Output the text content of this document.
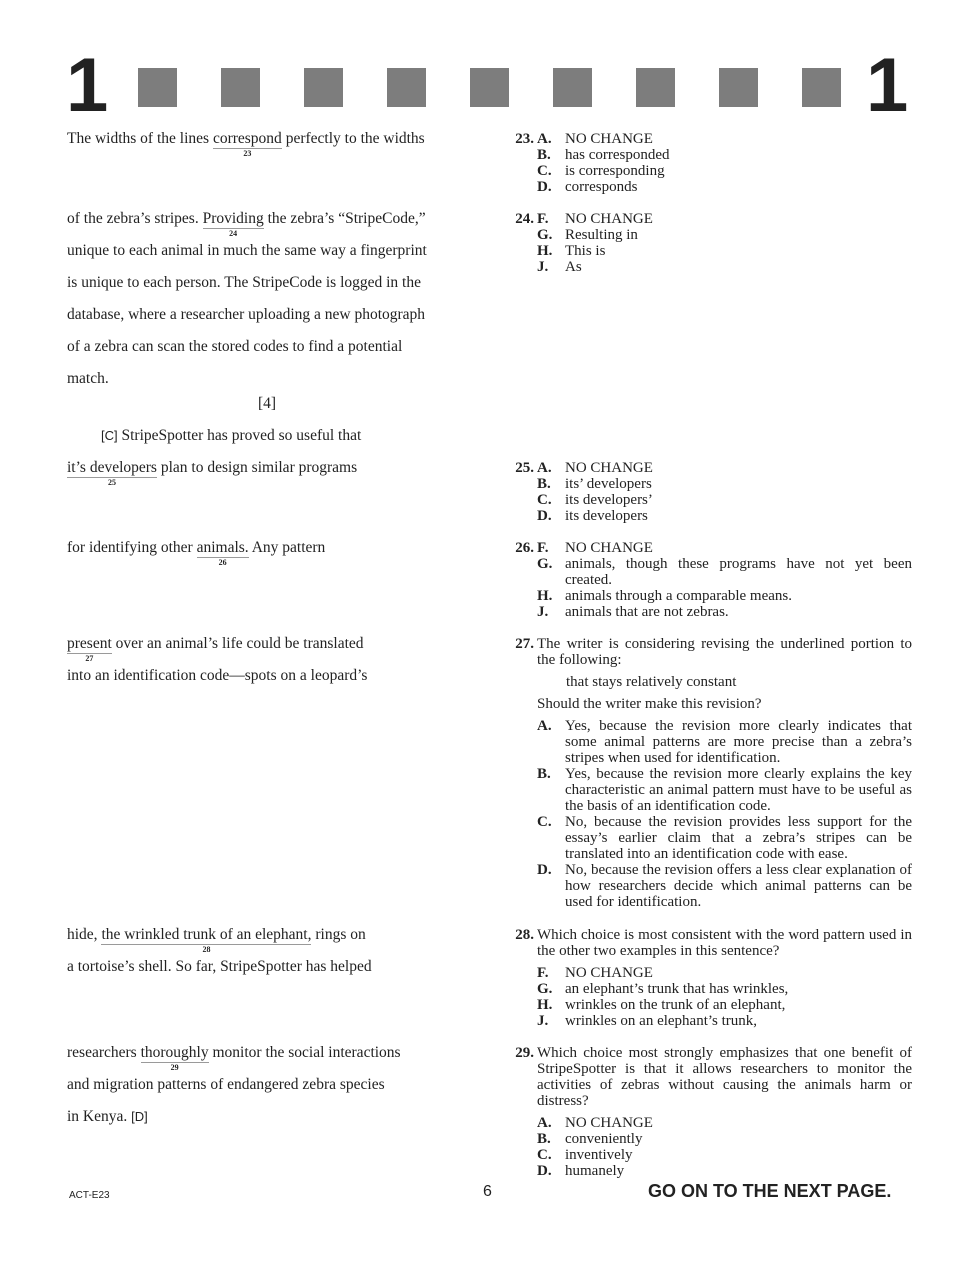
1	1
The widths of the lines correspond
23
perfectly to the widths
of the zebra’s stripes. Providing
24
the zebra’s “StripeCode,”
unique to each animal in much the same way a fingerprint
is unique to each person. The StripeCode is logged in the
database, where a researcher uploading a new photograph
of a zebra can scan the stored codes to find a potential
match.
[4]
[C] StripeSpotter has proved so useful that
it’s developers
25
plan to design similar programs
for identifying other animals.
26
Any pattern
present
27
over an animal’s life could be translated
into an identification code—spots on a leopard’s
hide, the wrinkled trunk of an elephant,
28
rings on
a tortoise’s shell. So far, StripeSpotter has helped
researchers thoroughly
29
monitor the social interactions
and migration patterns of endangered zebra species
in Kenya. [D]
23. A. NO CHANGE
B. has corresponded
C. is corresponding
D. corresponds
24. F. NO CHANGE
G. Resulting in
H. This is
J. As
25. A. NO CHANGE
B. its’ developers
C. its developers’
D. its developers
26. F. NO CHANGE
G. animals, though these programs have not yet been created.
H. animals through a comparable means.
J. animals that are not zebras.
27. The writer is considering revising the underlined portion to the following:
that stays relatively constant
Should the writer make this revision?
A. Yes, because the revision more clearly indicates that some animal patterns are more precise than a zebra’s stripes when used for identification.
B. Yes, because the revision more clearly explains the key characteristic an animal pattern must have to be useful as the basis of an identification code.
C. No, because the revision provides less support for the essay’s earlier claim that a zebra’s stripes can be translated into an identification code with ease.
D. No, because the revision offers a less clear explanation of how researchers decide which animal patterns can be used for identification.
28. Which choice is most consistent with the word pattern used in the other two examples in this sentence?
F. NO CHANGE
G. an elephant’s trunk that has wrinkles,
H. wrinkles on the trunk of an elephant,
J. wrinkles on an elephant’s trunk,
29. Which choice most strongly emphasizes that one benefit of StripeSpotter is that it allows researchers to monitor the activities of zebras without causing the animals harm or distress?
A. NO CHANGE
B. conveniently
C. inventively
D. humanely
ACT-E23	6	GO ON TO THE NEXT PAGE.
